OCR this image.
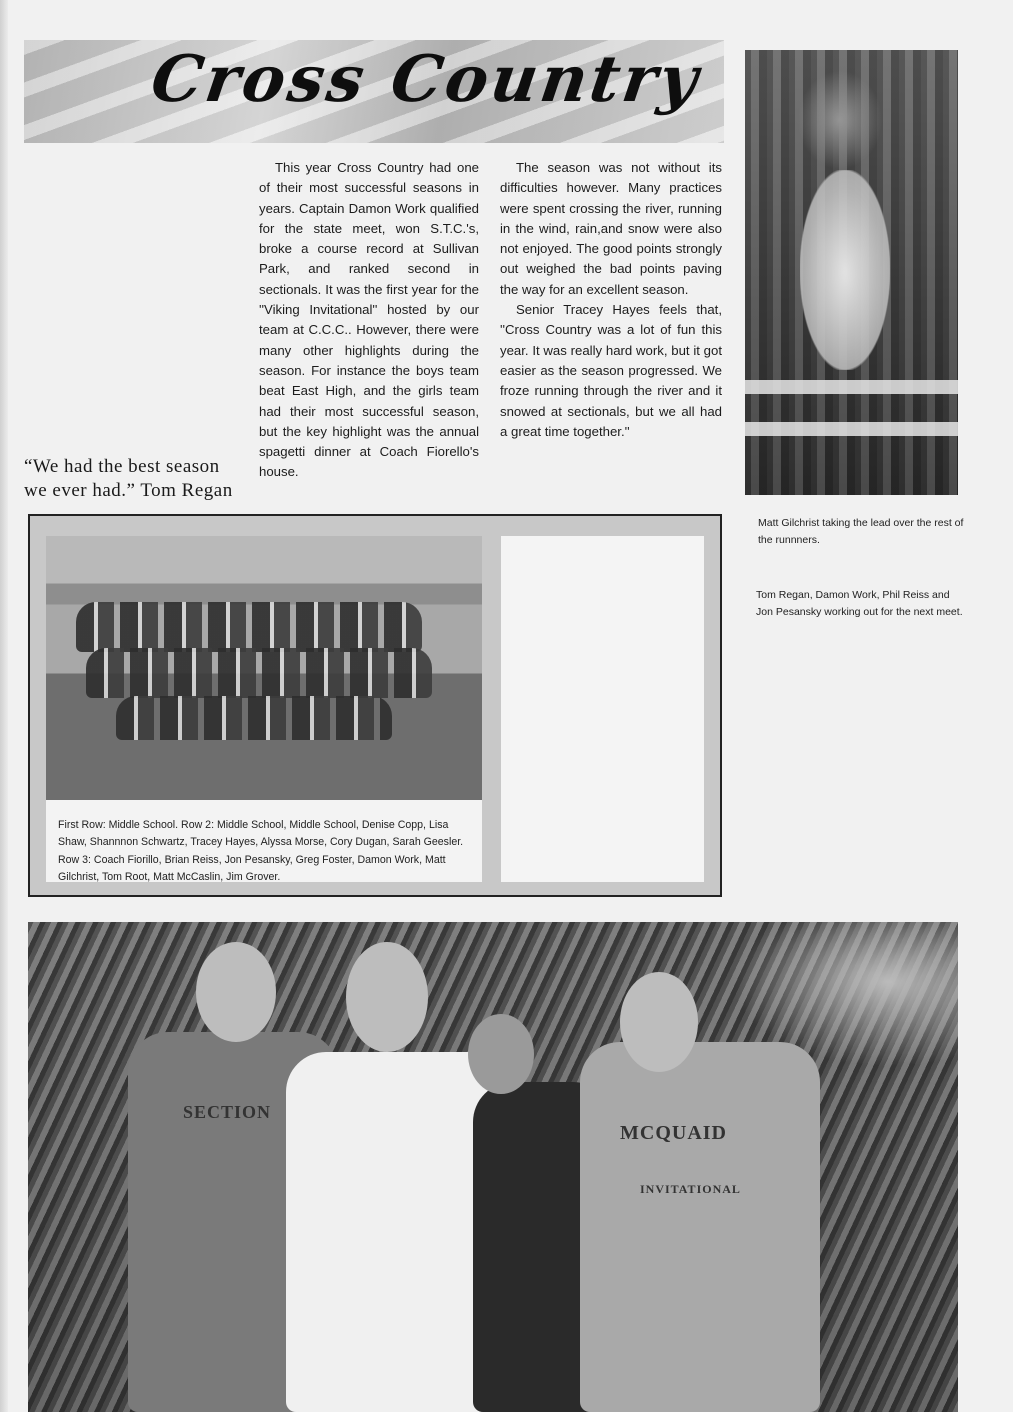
Cross Country

This year Cross Country had one of their most successful seasons in years. Captain Damon Work qualified for the state meet, won S.T.C.'s, broke a course record at Sullivan Park, and ranked second in sectionals. It was the first year for the ''Viking Invitational'' hosted by our team at C.C.C.. However, there were many other highlights during the season. For instance the boys team beat East High, and the girls team had their most successful season, but the key highlight was the annual spagetti dinner at Coach Fiorello's house.

The season was not without its difficulties however. Many practices were spent crossing the river, running in the wind, rain,and snow were also not enjoyed. The good points strongly out weighed the bad points paving the way for an excellent season.

Senior Tracey Hayes feels that, ''Cross Country was a lot of fun this year. It was really hard work, but it got easier as the season progressed. We froze running through the river and it snowed at sectionals, but we all had a great time together.''

“We had the best season we ever had.” Tom Regan
Matt Gilchrist taking the lead over the rest of the runnners.
Tom Regan, Damon Work, Phil Reiss and Jon Pesansky working out for the next meet.

First Row: Middle School. Row 2: Middle School, Middle School, Denise Copp, Lisa Shaw, Shannnon Schwartz, Tracey Hayes, Alyssa Morse, Cory Dugan, Sarah Geesler. Row 3: Coach Fiorillo, Brian Reiss, Jon Pesansky, Greg Foster, Damon Work, Matt Gilchrist, Tom Root, Matt McCaslin, Jim Grover.

SECTION
MCQUAID
INVITATIONAL
